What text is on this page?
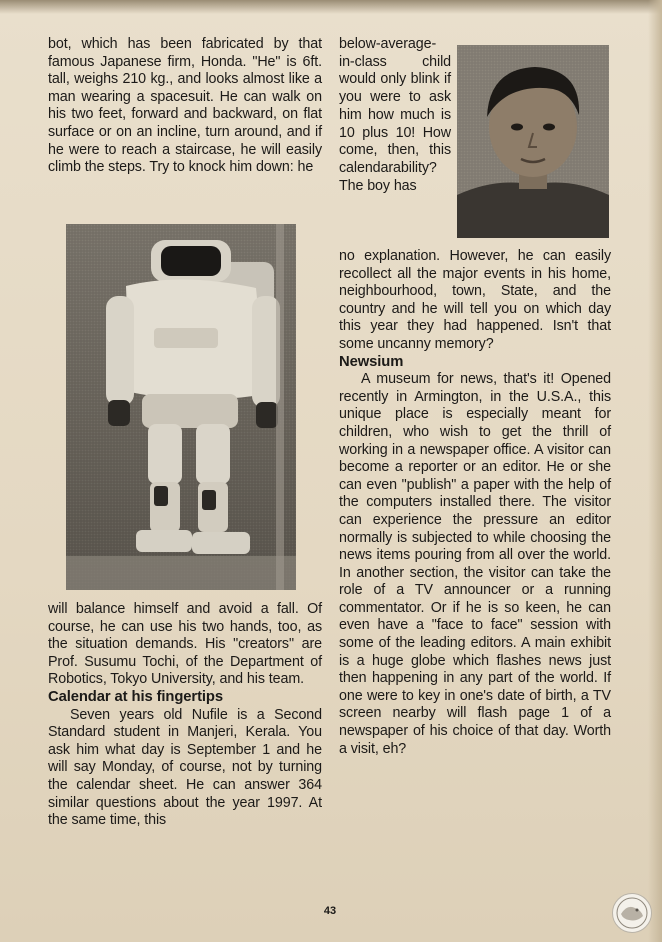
bot, which has been fabricated by that famous Japanese firm, Honda. "He" is 6ft. tall, weighs 210 kg., and looks almost like a man wearing a spacesuit. He can walk on his two feet, forward and backward, on flat surface or on an incline, turn around, and if he were to reach a staircase, he will easily climb the steps. Try to knock him down: he

will balance himself and avoid a fall. Of course, he can use his two hands, too, as the situation demands. His "creators" are Prof. Susumu Tochi, of the Department of Robotics, Tokyo University, and his team.

Calendar at his fingertips

Seven years old Nufile is a Second Standard student in Manjeri, Kerala. You ask him what day is September 1 and he will say Monday, of course, not by turning the calendar sheet. He can answer 364 similar questions about the year 1997. At the same time, this

below-average-in-class child would only blink if you were to ask him how much is 10 plus 10! How come, then, this calendarability? The boy has

no explanation. However, he can easily recollect all the major events in his home, neighbourhood, town, State, and the country and he will tell you on which day this year they had happened. Isn't that some uncanny memory?

Newsium

A museum for news, that's it! Opened recently in Armington, in the U.S.A., this unique place is especially meant for children, who wish to get the thrill of working in a newspaper office. A visitor can become a reporter or an editor. He or she can even "publish" a paper with the help of the computers installed there. The visitor can experience the pressure an editor normally is subjected to while choosing the news items pouring from all over the world. In another section, the visitor can take the role of a TV announcer or a running commentator. Or if he is so keen, he can even have a "face to face" session with some of the leading editors. A main exhibit is a huge globe which flashes news just then happening in any part of the world. If one were to key in one's date of birth, a TV screen nearby will flash page 1 of a newspaper of his choice of that day. Worth a visit, eh?

43
